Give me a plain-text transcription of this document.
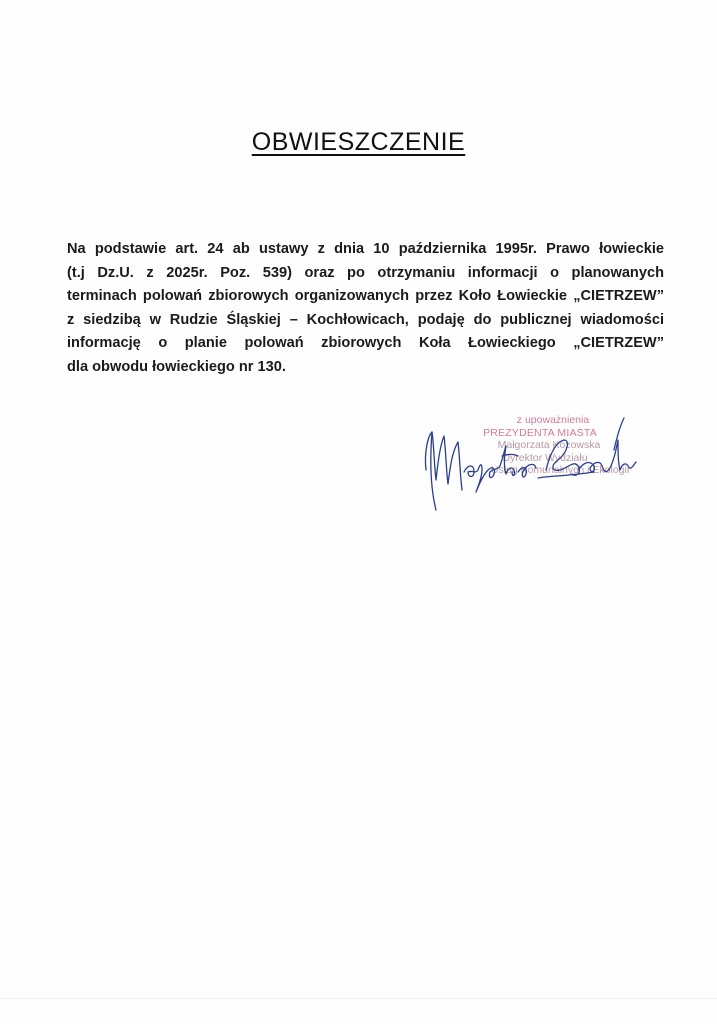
OBWIESZCZENIE
Na podstawie art. 24 ab ustawy z dnia 10 października 1995r. Prawo łowieckie
(t.j Dz.U. z 2025r. Poz. 539) oraz po otrzymaniu informacji o planowanych
terminach polowań zbiorowych organizowanych przez Koło Łowieckie „CIETRZEW”
z siedzibą w Rudzie Śląskiej – Kochłowicach, podaję do publicznej wiadomości
informację o planie polowań zbiorowych Koła Łowieckiego „CIETRZEW”
dla obwodu łowieckiego nr 130.
z upoważnienia
PREZYDENTA MIASTA
Małgorzata Kozowska
Dyrektor Wydziału
Usług Komunalnych i Ekologii
